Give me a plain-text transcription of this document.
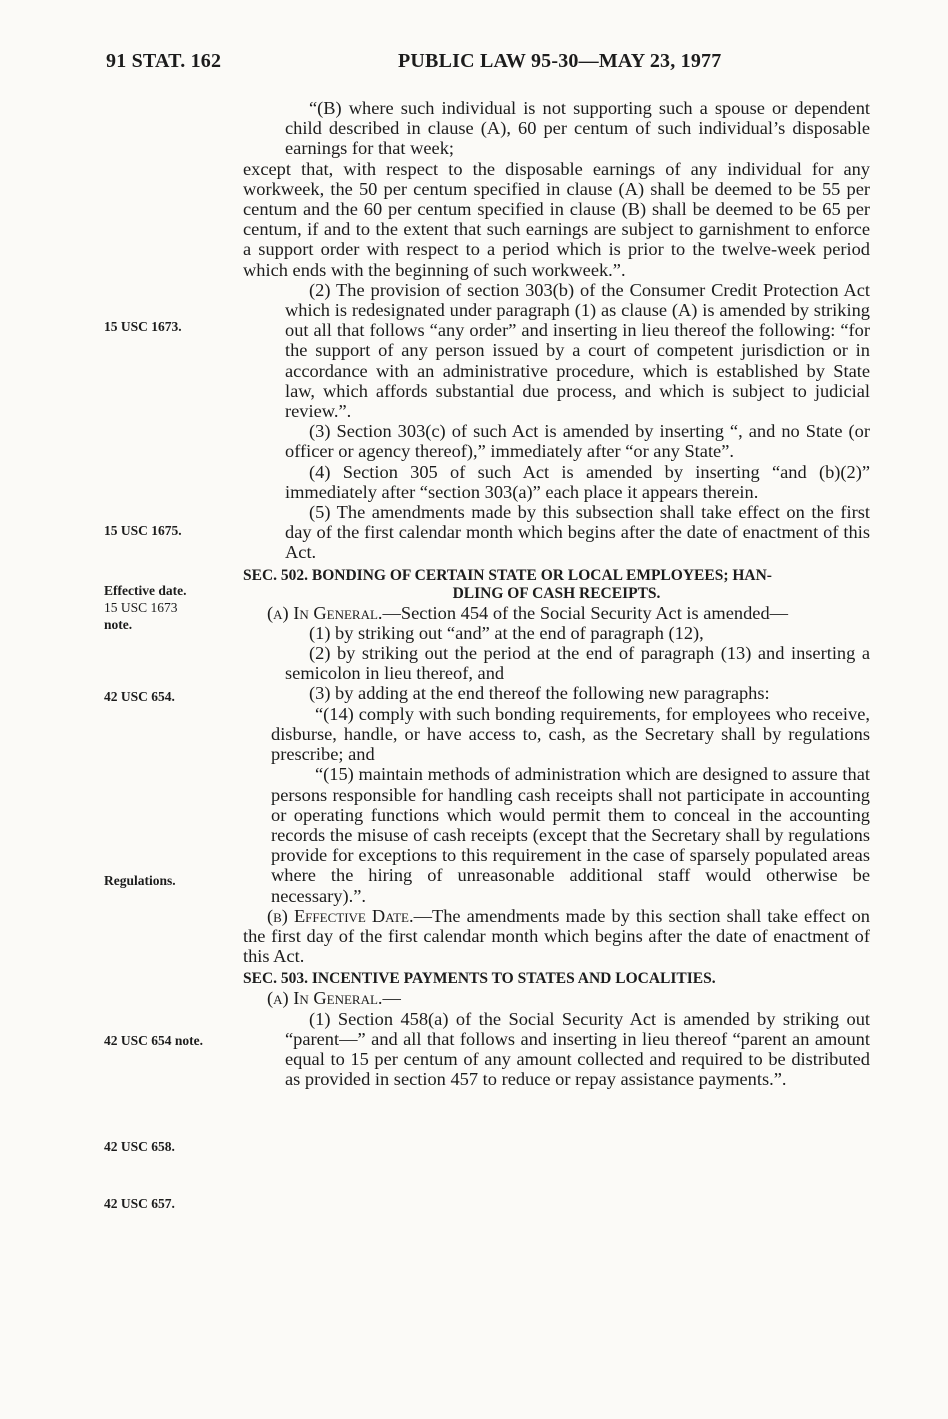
91 STAT. 162	PUBLIC LAW 95-30—MAY 23, 1977
15 USC 1673.
15 USC 1675.
Effective date.
15 USC 1673
note.
42 USC 654.
Regulations.
42 USC 654 note.
42 USC 658.
42 USC 657.

“(B) where such individual is not supporting such a spouse or dependent child described in clause (A), 60 per centum of such individual’s disposable earnings for that week;

except that, with respect to the disposable earnings of any individual for any workweek, the 50 per centum specified in clause (A) shall be deemed to be 55 per centum and the 60 per centum specified in clause (B) shall be deemed to be 65 per centum, if and to the extent that such earnings are subject to garnishment to enforce a support order with respect to a period which is prior to the twelve-week period which ends with the beginning of such workweek.”.

(2) The provision of section 303(b) of the Consumer Credit Protection Act which is redesignated under paragraph (1) as clause (A) is amended by striking out all that follows “any order” and inserting in lieu thereof the following: “for the support of any person issued by a court of competent jurisdiction or in accordance with an administrative procedure, which is established by State law, which affords substantial due process, and which is subject to judicial review.”.

(3) Section 303(c) of such Act is amended by inserting “, and no State (or officer or agency thereof),” immediately after “or any State”.

(4) Section 305 of such Act is amended by inserting “and (b)(2)” immediately after “section 303(a)” each place it appears therein.

(5) The amendments made by this subsection shall take effect on the first day of the first calendar month which begins after the date of enactment of this Act.

SEC. 502. BONDING OF CERTAIN STATE OR LOCAL EMPLOYEES; HAN-

DLING OF CASH RECEIPTS.

(a) In General.—Section 454 of the Social Security Act is amended—

(1) by striking out “and” at the end of paragraph (12),

(2) by striking out the period at the end of paragraph (13) and inserting a semicolon in lieu thereof, and

(3) by adding at the end thereof the following new paragraphs:

“(14) comply with such bonding requirements, for employees who receive, disburse, handle, or have access to, cash, as the Secretary shall by regulations prescribe; and

“(15) maintain methods of administration which are designed to assure that persons responsible for handling cash receipts shall not participate in accounting or operating functions which would permit them to conceal in the accounting records the misuse of cash receipts (except that the Secretary shall by regulations provide for exceptions to this requirement in the case of sparsely populated areas where the hiring of unreasonable additional staff would otherwise be necessary).”.

(b) Effective Date.—The amendments made by this section shall take effect on the first day of the first calendar month which begins after the date of enactment of this Act.

SEC. 503. INCENTIVE PAYMENTS TO STATES AND LOCALITIES.

(a) In General.—

(1) Section 458(a) of the Social Security Act is amended by striking out “parent—” and all that follows and inserting in lieu thereof “parent an amount equal to 15 per centum of any amount collected and required to be distributed as provided in section 457 to reduce or repay assistance payments.”.
